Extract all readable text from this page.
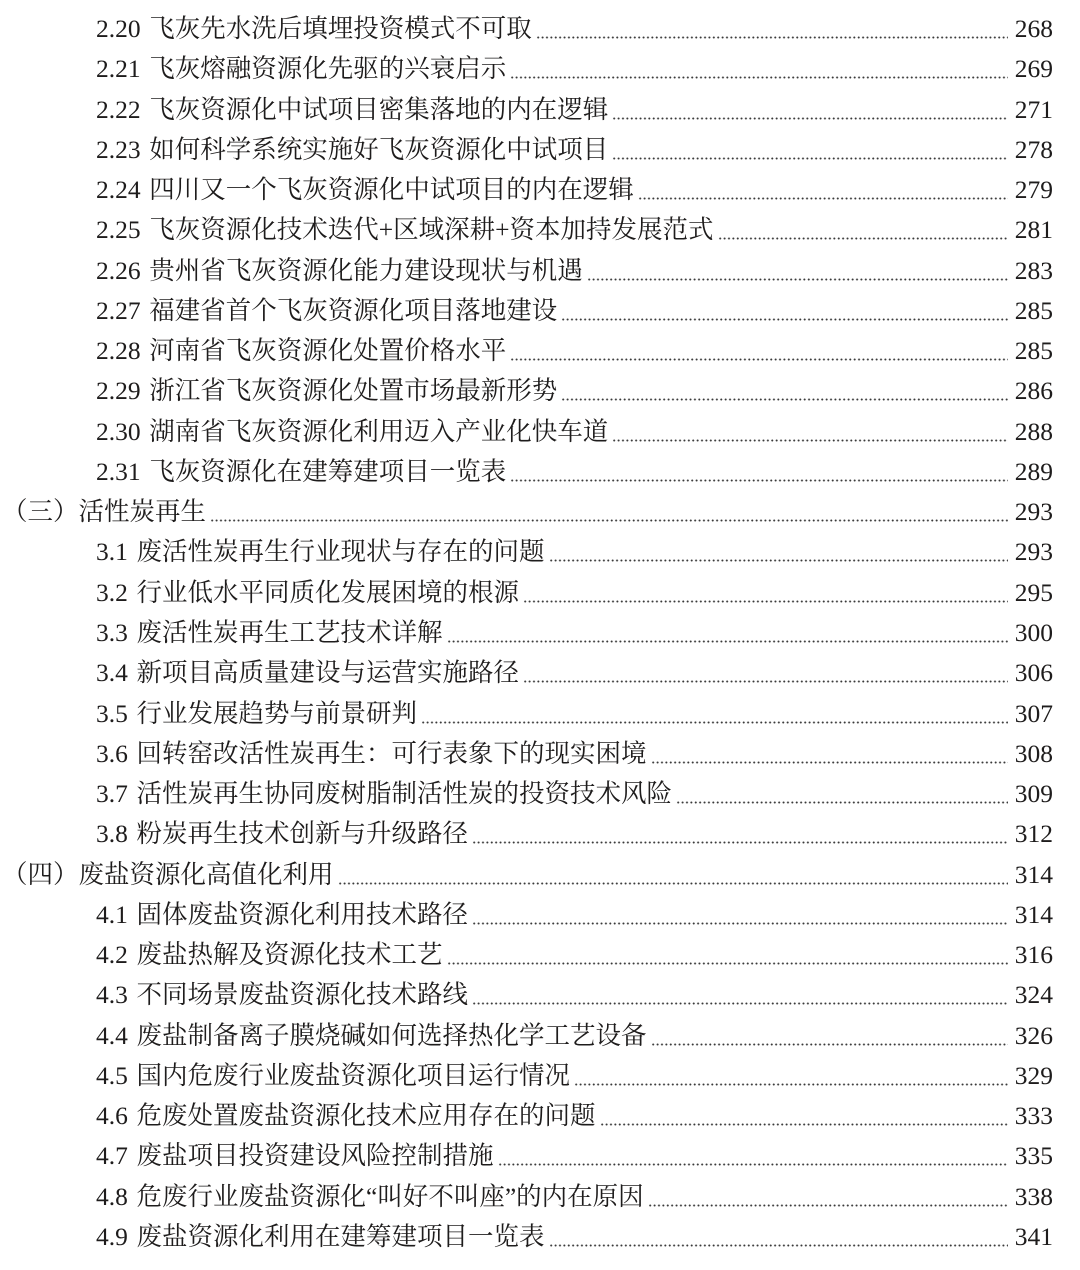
2.20 飞灰先水洗后填埋投资模式不可取	268
2.21 飞灰熔融资源化先驱的兴衰启示	269
2.22 飞灰资源化中试项目密集落地的内在逻辑	271
2.23 如何科学系统实施好飞灰资源化中试项目	278
2.24 四川又一个飞灰资源化中试项目的内在逻辑	279
2.25 飞灰资源化技术迭代+区域深耕+资本加持发展范式	281
2.26 贵州省飞灰资源化能力建设现状与机遇	283
2.27 福建省首个飞灰资源化项目落地建设	285
2.28 河南省飞灰资源化处置价格水平	285
2.29 浙江省飞灰资源化处置市场最新形势	286
2.30 湖南省飞灰资源化利用迈入产业化快车道	288
2.31 飞灰资源化在建筹建项目一览表	289
（三） 活性炭再生	293
3.1 废活性炭再生行业现状与存在的问题	293
3.2 行业低水平同质化发展困境的根源	295
3.3 废活性炭再生工艺技术详解	300
3.4 新项目高质量建设与运营实施路径	306
3.5 行业发展趋势与前景研判	307
3.6 回转窑改活性炭再生：可行表象下的现实困境	308
3.7 活性炭再生协同废树脂制活性炭的投资技术风险	309
3.8 粉炭再生技术创新与升级路径	312
（四） 废盐资源化高值化利用	314
4.1 固体废盐资源化利用技术路径	314
4.2 废盐热解及资源化技术工艺	316
4.3 不同场景废盐资源化技术路线	324
4.4 废盐制备离子膜烧碱如何选择热化学工艺设备	326
4.5 国内危废行业废盐资源化项目运行情况	329
4.6 危废处置废盐资源化技术应用存在的问题	333
4.7 废盐项目投资建设风险控制措施	335
4.8 危废行业废盐资源化“叫好不叫座”的内在原因	338
4.9 废盐资源化利用在建筹建项目一览表	341
